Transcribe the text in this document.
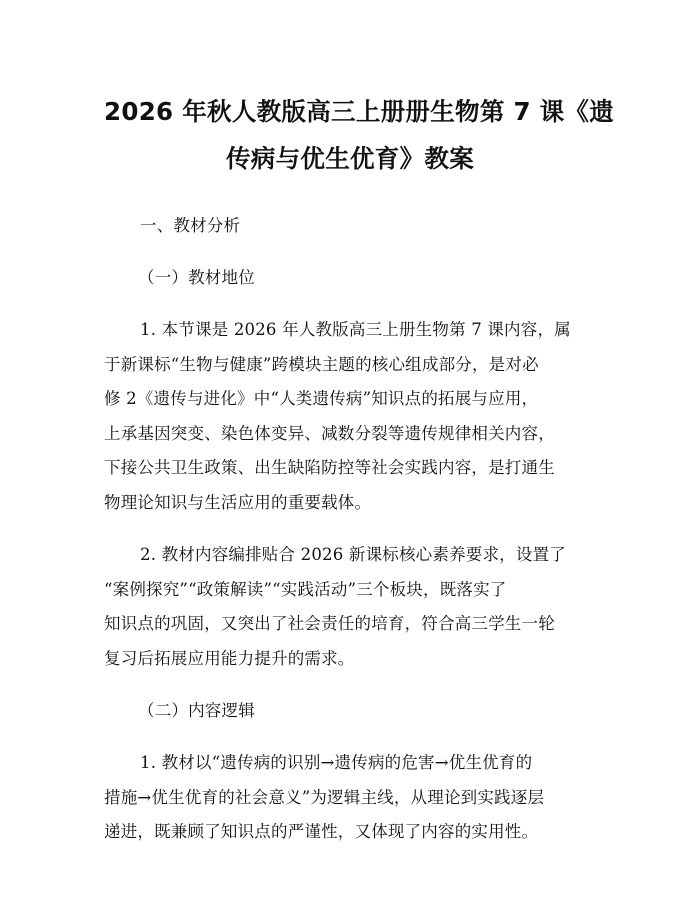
2026 年秋人教版高三上册册生物第 7 课《遗
传病与优生优育》教案

一、教材分析

（一）教材地位

1. 本节课是 2026 年人教版高三上册生物第 7 课内容，属
于新课标“生物与健康”跨模块主题的核心组成部分，是对必
修 2《遗传与进化》中“人类遗传病”知识点的拓展与应用，
上承基因突变、染色体变异、减数分裂等遗传规律相关内容，
下接公共卫生政策、出生缺陷防控等社会实践内容，是打通生
物理论知识与生活应用的重要载体。

2. 教材内容编排贴合 2026 新课标核心素养要求，设置了
“案例探究”“政策解读”“实践活动”三个板块，既落实了
知识点的巩固，又突出了社会责任的培育，符合高三学生一轮
复习后拓展应用能力提升的需求。

（二）内容逻辑

1. 教材以“遗传病的识别→遗传病的危害→优生优育的
措施→优生优育的社会意义”为逻辑主线，从理论到实践逐层
递进，既兼顾了知识点的严谨性，又体现了内容的实用性。
